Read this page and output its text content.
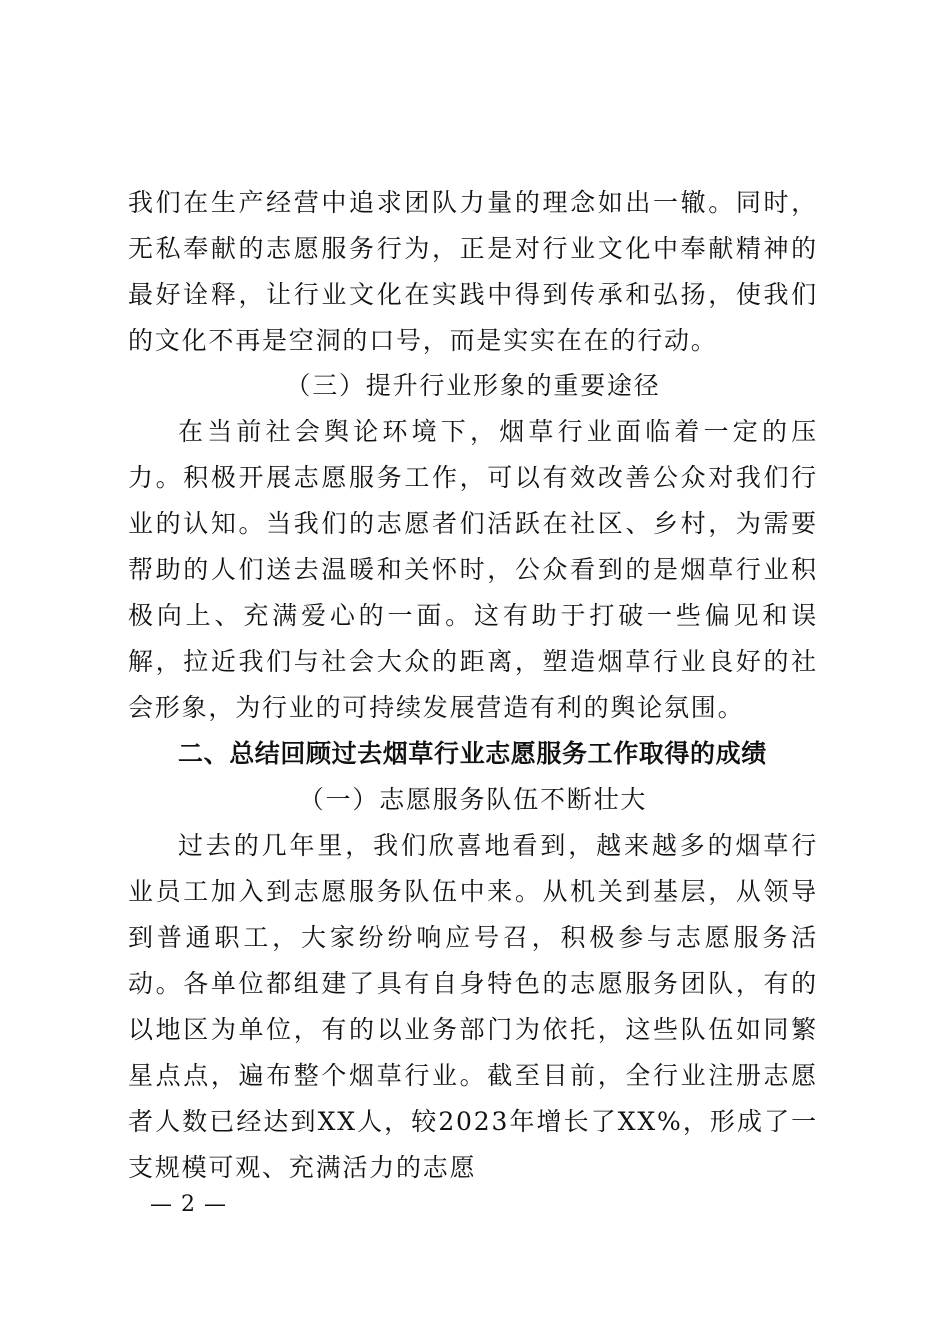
我们在生产经营中追求团队力量的理念如出一辙。同时，无私奉献的志愿服务行为，正是对行业文化中奉献精神的最好诠释，让行业文化在实践中得到传承和弘扬，使我们的文化不再是空洞的口号，而是实实在在的行动。

（三）提升行业形象的重要途径

在当前社会舆论环境下，烟草行业面临着一定的压力。积极开展志愿服务工作，可以有效改善公众对我们行业的认知。当我们的志愿者们活跃在社区、乡村，为需要帮助的人们送去温暖和关怀时，公众看到的是烟草行业积极向上、充满爱心的一面。这有助于打破一些偏见和误解，拉近我们与社会大众的距离，塑造烟草行业良好的社会形象，为行业的可持续发展营造有利的舆论氛围。

二、总结回顾过去烟草行业志愿服务工作取得的成绩

（一）志愿服务队伍不断壮大

过去的几年里，我们欣喜地看到，越来越多的烟草行业员工加入到志愿服务队伍中来。从机关到基层，从领导到普通职工，大家纷纷响应号召，积极参与志愿服务活动。各单位都组建了具有自身特色的志愿服务团队，有的以地区为单位，有的以业务部门为依托，这些队伍如同繁星点点，遍布整个烟草行业。截至目前，全行业注册志愿者人数已经达到XX人，较2023年增长了XX%，形成了一支规模可观、充满活力的志愿

— 2 —
